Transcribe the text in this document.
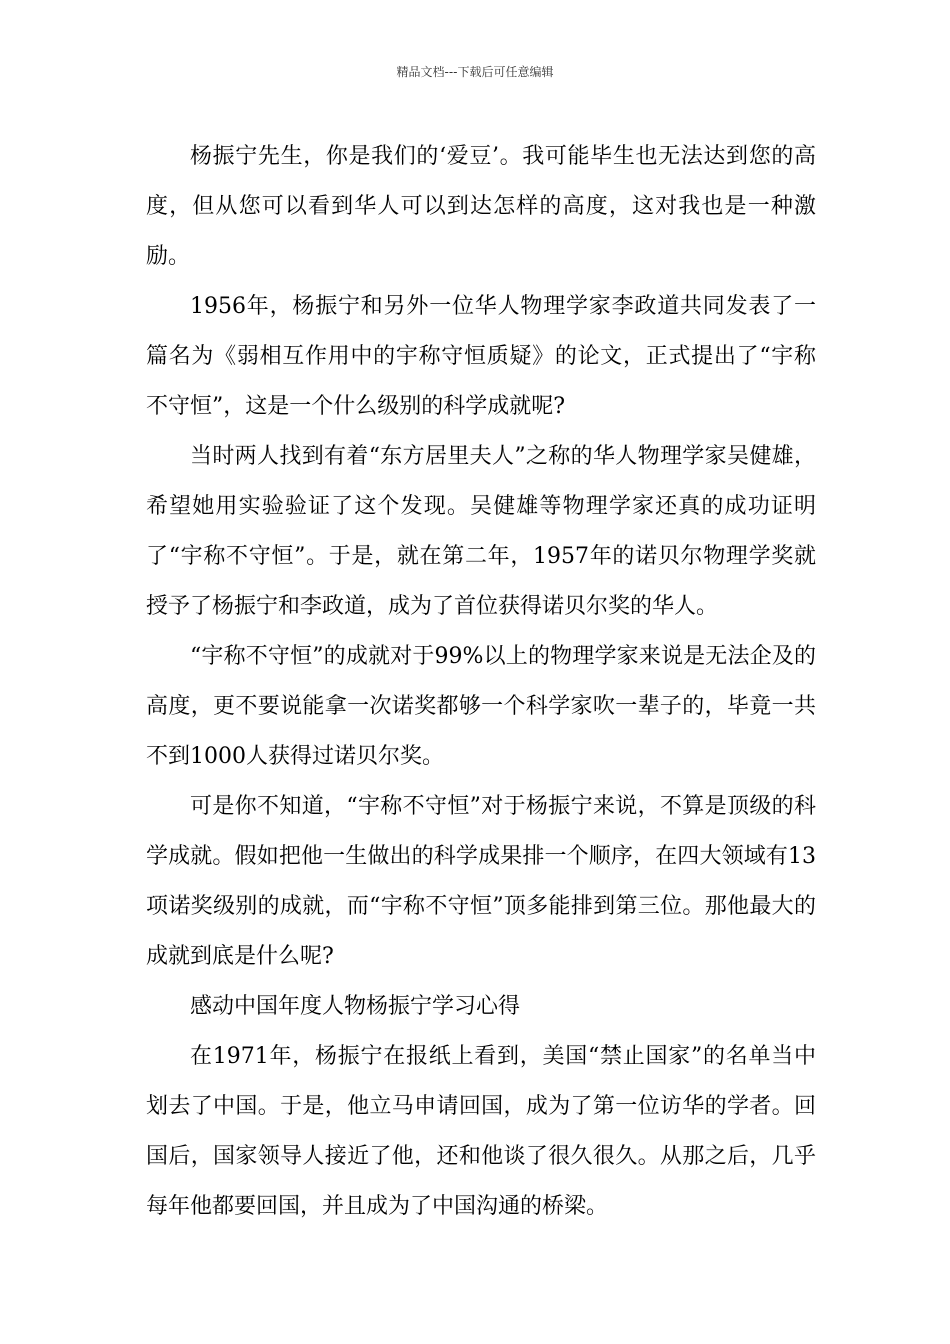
精品文档---下载后可任意编辑

杨振宁先生，你是我们的‘爱豆’。我可能毕生也无法达到您的高度，但从您可以看到华人可以到达怎样的高度，这对我也是一种激励。

1956年，杨振宁和另外一位华人物理学家李政道共同发表了一篇名为《弱相互作用中的宇称守恒质疑》的论文，正式提出了“宇称不守恒”，这是一个什么级别的科学成就呢?

当时两人找到有着“东方居里夫人”之称的华人物理学家吴健雄，希望她用实验验证了这个发现。吴健雄等物理学家还真的成功证明了“宇称不守恒”。于是，就在第二年，1957年的诺贝尔物理学奖就授予了杨振宁和李政道，成为了首位获得诺贝尔奖的华人。

“宇称不守恒”的成就对于99%以上的物理学家来说是无法企及的高度，更不要说能拿一次诺奖都够一个科学家吹一辈子的，毕竟一共不到1000人获得过诺贝尔奖。

可是你不知道，“宇称不守恒”对于杨振宁来说，不算是顶级的科学成就。假如把他一生做出的科学成果排一个顺序，在四大领域有13项诺奖级别的成就，而“宇称不守恒”顶多能排到第三位。那他最大的成就到底是什么呢?

感动中国年度人物杨振宁学习心得

在1971年，杨振宁在报纸上看到，美国“禁止国家”的名单当中划去了中国。于是，他立马申请回国，成为了第一位访华的学者。回国后，国家领导人接近了他，还和他谈了很久很久。从那之后，几乎每年他都要回国，并且成为了中国沟通的桥梁。
